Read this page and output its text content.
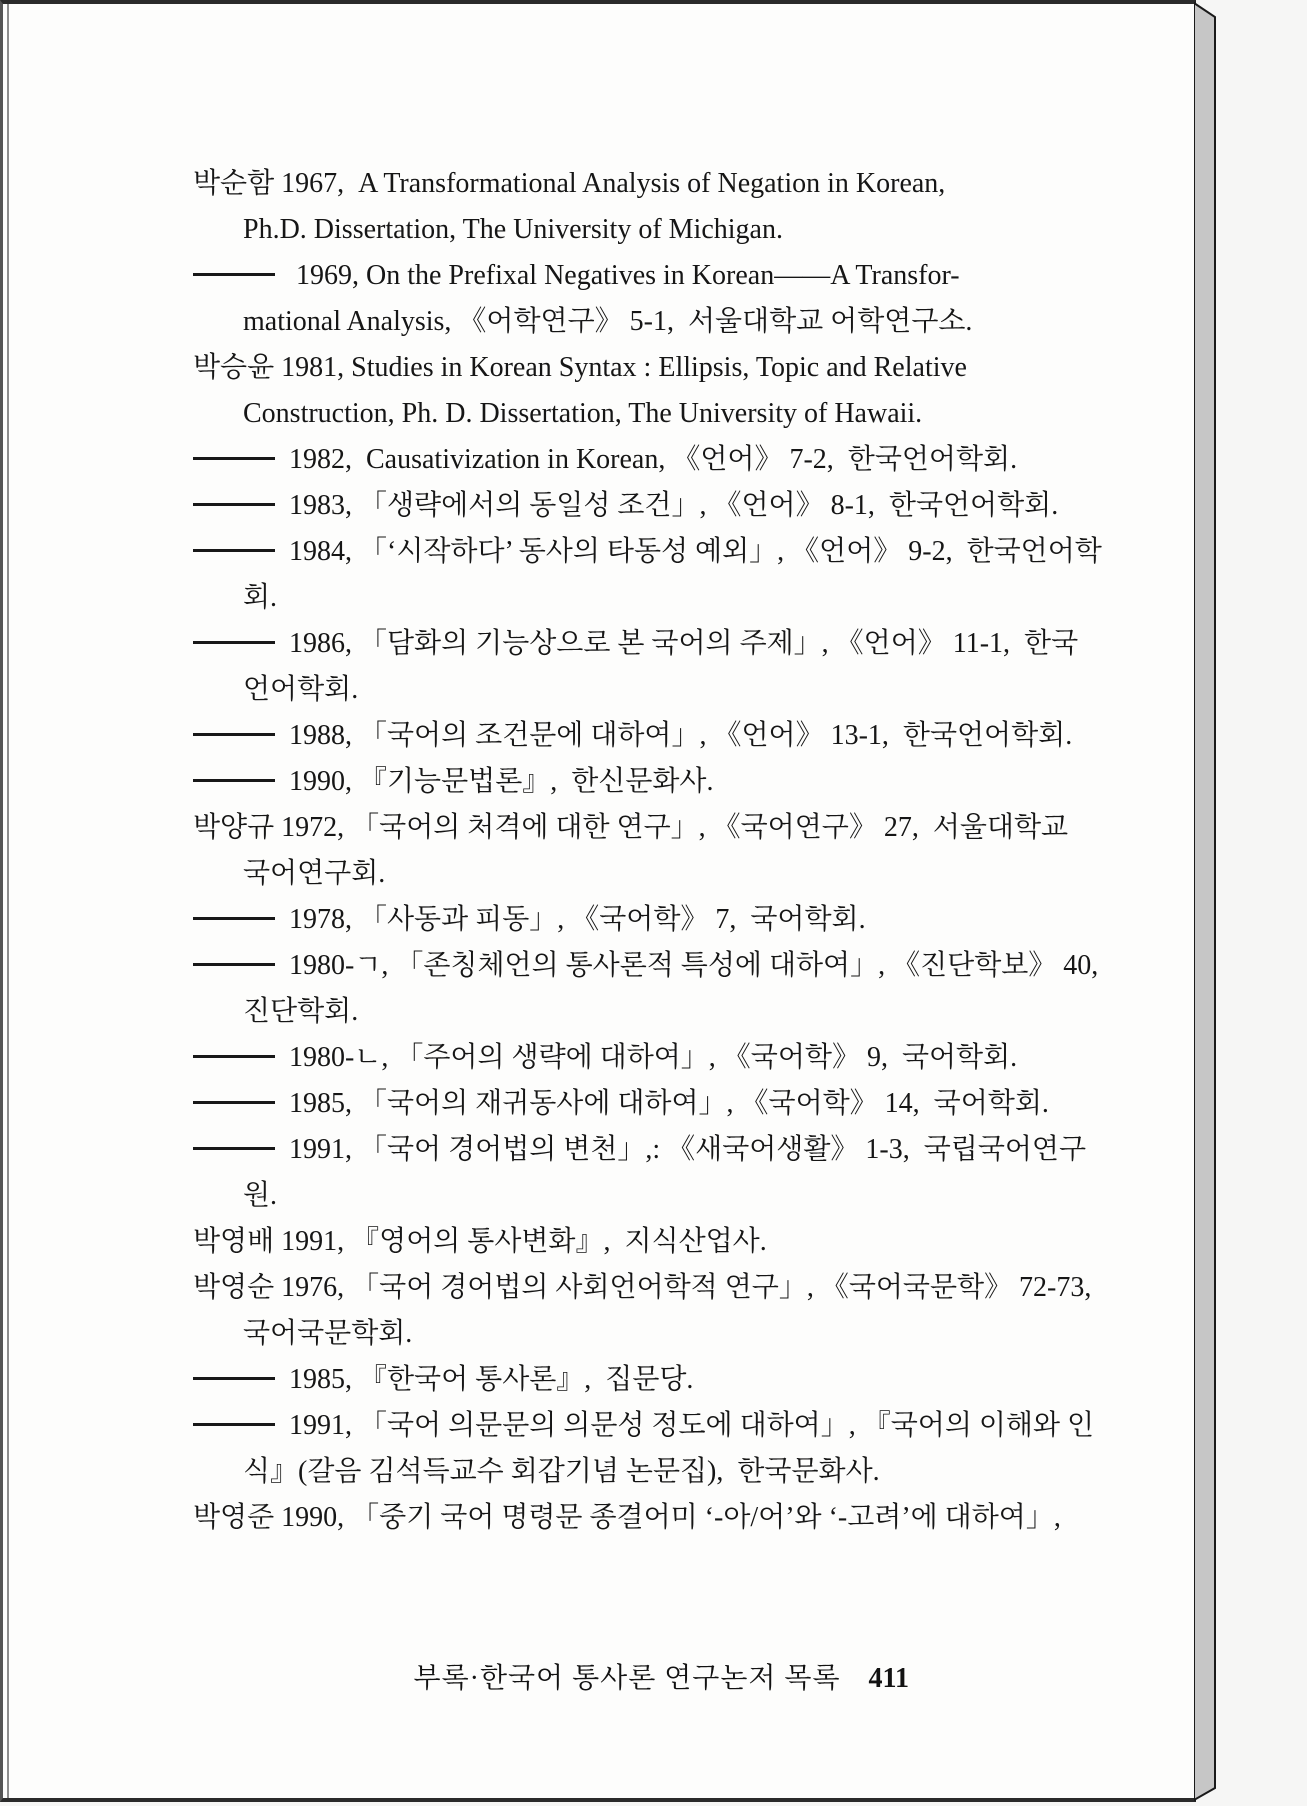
박순함 1967,  A Transformational Analysis of Negation in Korean,
Ph.D. Dissertation, The University of Michigan.
1969, On the Prefixal Negatives in Korean——A Transfor-
mational Analysis, 《어학연구》 5-1,  서울대학교 어학연구소.
박승윤 1981, Studies in Korean Syntax : Ellipsis, Topic and Relative
Construction, Ph. D. Dissertation, The University of Hawaii.
1982,  Causativization in Korean, 《언어》 7-2,  한국언어학회.
1983, 「생략에서의 동일성 조건」, 《언어》 8-1,  한국언어학회.
1984, 「‘시작하다’ 동사의 타동성 예외」, 《언어》 9-2,  한국언어학
회.
1986, 「담화의 기능상으로 본 국어의 주제」, 《언어》 11-1,  한국
언어학회.
1988, 「국어의 조건문에 대하여」, 《언어》 13-1,  한국언어학회.
1990, 『기능문법론』,  한신문화사.
박양규 1972, 「국어의 처격에 대한 연구」, 《국어연구》 27,  서울대학교
국어연구회.
1978, 「사동과 피동」, 《국어학》 7,  국어학회.
1980-ㄱ, 「존칭체언의 통사론적 특성에 대하여」, 《진단학보》 40,
진단학회.
1980-ㄴ, 「주어의 생략에 대하여」, 《국어학》 9,  국어학회.
1985, 「국어의 재귀동사에 대하여」, 《국어학》 14,  국어학회.
1991, 「국어 경어법의 변천」,: 《새국어생활》 1-3,  국립국어연구
원.
박영배 1991, 『영어의 통사변화』,  지식산업사.
박영순 1976, 「국어 경어법의 사회언어학적 연구」, 《국어국문학》 72-73,
국어국문학회.
1985, 『한국어 통사론』,  집문당.
1991, 「국어 의문문의 의문성 정도에 대하여」, 『국어의 이해와 인
식』(갈음 김석득교수 회갑기념 논문집),  한국문화사.
박영준 1990, 「중기 국어 명령문 종결어미 ‘-아/어’와 ‘-고려’에 대하여」,

부록·한국어 통사론 연구논저 목록 411
